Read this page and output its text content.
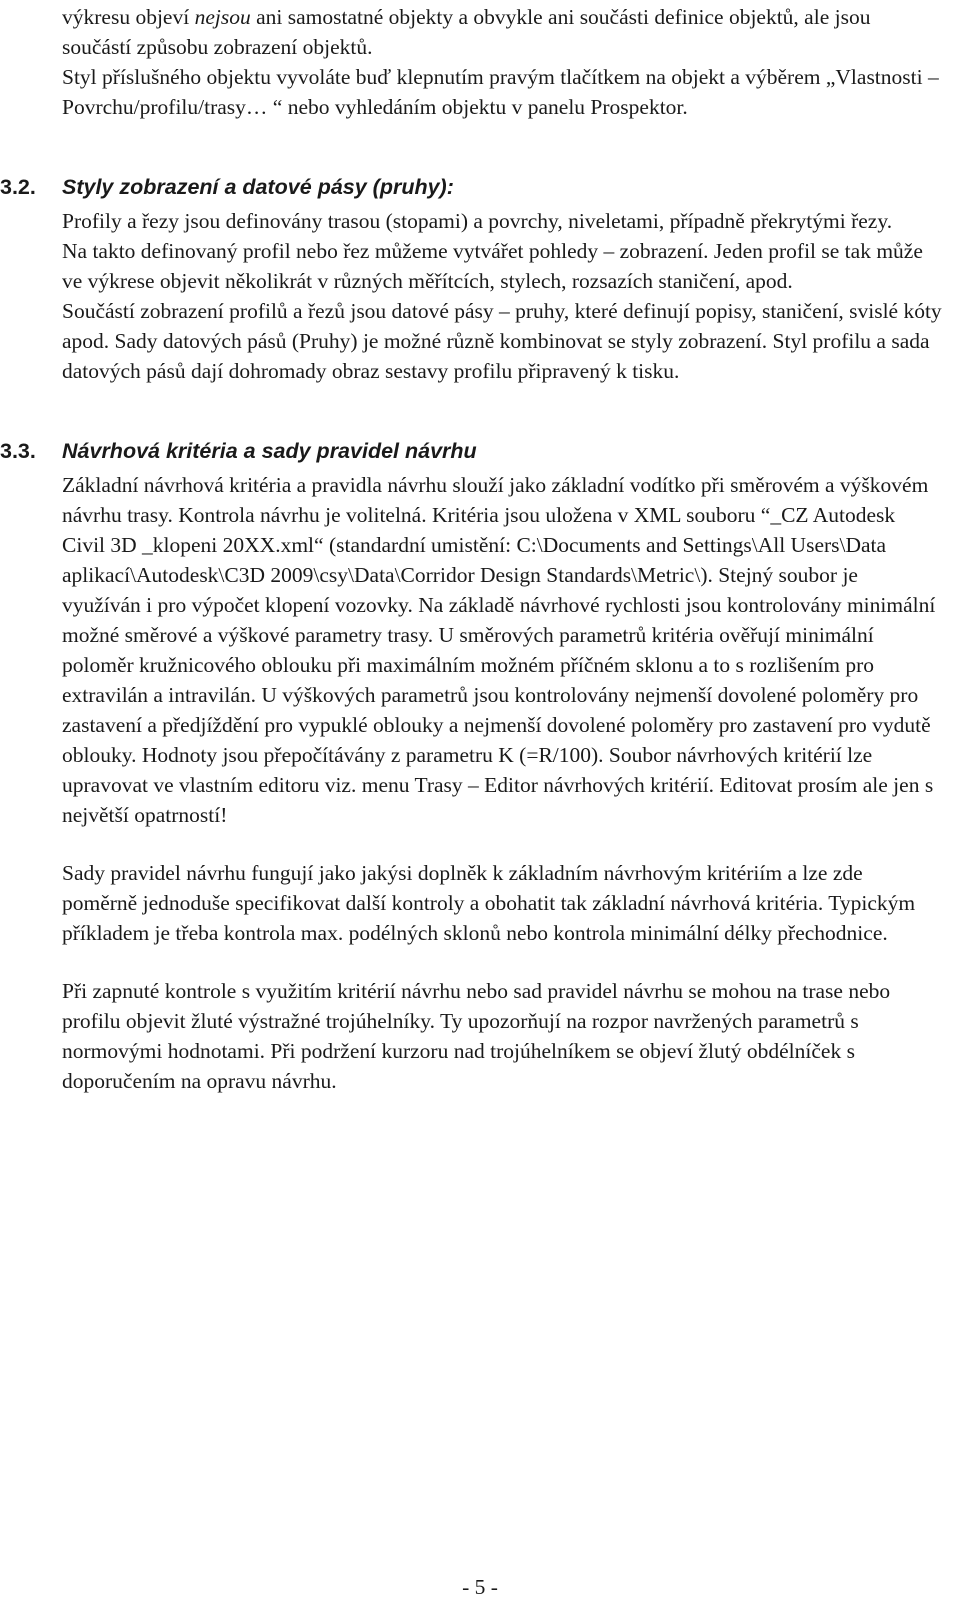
výkresu objeví nejsou ani samostatné objekty a obvykle ani součásti definice objektů, ale jsou součástí způsobu zobrazení objektů.

Styl příslušného objektu vyvoláte buď klepnutím pravým tlačítkem na objekt a výběrem „Vlastnosti –Povrchu/profilu/trasy… “ nebo vyhledáním objektu v panelu Prospektor.

3.2. Styly zobrazení a datové pásy (pruhy):

Profily a řezy jsou definovány trasou (stopami) a povrchy, niveletami, případně překrytými řezy.

Na takto definovaný profil nebo řez můžeme vytvářet pohledy – zobrazení. Jeden profil se tak může ve výkrese objevit několikrát v různých měřítcích, stylech, rozsazích staničení, apod.

Součástí zobrazení profilů a řezů jsou datové pásy – pruhy, které definují popisy, staničení, svislé kóty apod. Sady datových pásů (Pruhy) je možné různě kombinovat se styly zobrazení. Styl profilu a sada datových pásů dají dohromady obraz sestavy profilu připravený k tisku.

3.3. Návrhová kritéria a sady pravidel návrhu

Základní návrhová kritéria a pravidla návrhu slouží jako základní vodítko při směrovém a výškovém návrhu trasy. Kontrola návrhu je volitelná. Kritéria jsou uložena v XML souboru “_CZ Autodesk Civil 3D _klopeni 20XX.xml“ (standardní umistění: C:\Documents and Settings\All Users\Data aplikací\Autodesk\C3D 2009\csy\Data\Corridor Design Standards\Metric\). Stejný soubor je využíván i pro výpočet klopení vozovky. Na základě návrhové rychlosti jsou kontrolovány minimální možné směrové a výškové parametry trasy. U směrových parametrů kritéria ověřují minimální poloměr kružnicového oblouku při maximálním možném příčném sklonu a to s rozlišením pro extravilán a intravilán. U výškových parametrů jsou kontrolovány nejmenší dovolené poloměry pro zastavení a předjíždění pro vypuklé oblouky a nejmenší dovolené poloměry pro zastavení pro vydutě oblouky. Hodnoty jsou přepočítávány z parametru K (=R/100). Soubor návrhových kritérií lze upravovat ve vlastním editoru viz. menu Trasy – Editor návrhových kritérií. Editovat prosím ale jen s největší opatrností!

Sady pravidel návrhu fungují jako jakýsi doplněk k základním návrhovým kritériím a lze zde poměrně jednoduše specifikovat další kontroly a obohatit tak základní návrhová kritéria. Typickým příkladem je třeba kontrola max. podélných sklonů nebo kontrola minimální délky přechodnice.

Při zapnuté kontrole s využitím kritérií návrhu nebo sad pravidel návrhu se mohou na trase nebo profilu objevit žluté výstražné trojúhelníky. Ty upozorňují na rozpor navržených parametrů s normovými hodnotami. Při podržení kurzoru nad trojúhelníkem se objeví žlutý obdélníček s doporučením na opravu návrhu.

- 5 -
